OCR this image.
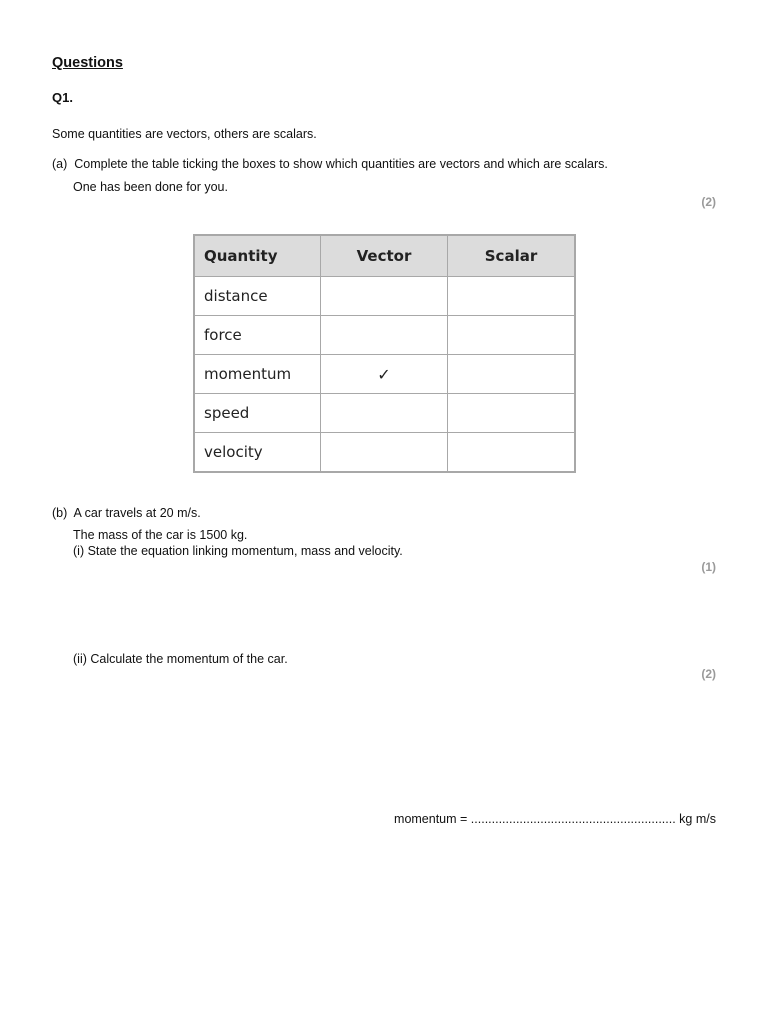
Questions
Q1.
Some quantities are vectors, others are scalars.
(a) Complete the table ticking the boxes to show which quantities are vectors and which are scalars.
One has been done for you.
(2)
Quantity	Vector	Scalar
distance		
force		
momentum	✓	
speed		
velocity		
(b) A car travels at 20 m/s.
The mass of the car is 1500 kg.
(i) State the equation linking momentum, mass and velocity.
(1)
(ii) Calculate the momentum of the car.
(2)
momentum = ........................................................... kg m/s
